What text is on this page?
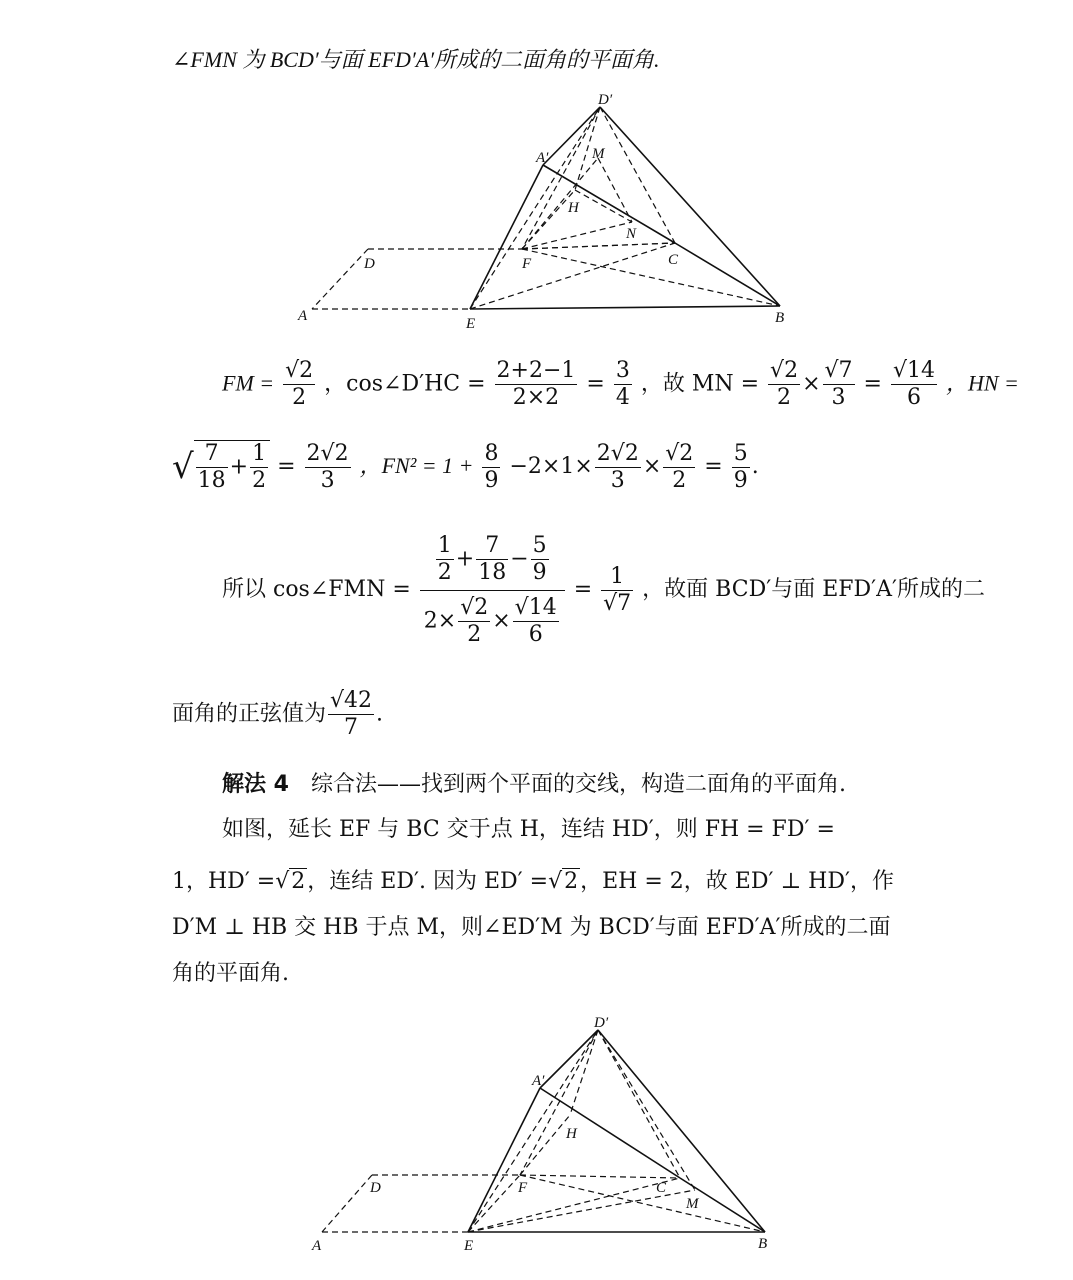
∠FMN 为 BCD′与面 EFD′A′所成的二面角的平面角.
D′
A′	M
H
N
D	F	C
A	E	B
FM = $\frac{√2}{2}$ ，cos∠D′HC = $\frac{2+2-1}{2\times 2} = \frac{3}{4}$ ，故 MN = $\frac{√2}{2} \times \frac{√7}{3} = \frac{√14}{6}$ ，HN =
√ $\frac{7}{18} + \frac{1}{2} = \frac{2√2}{3}$ ，$FN^2 = 1 + \frac{8}{9} -2\times 1\times \frac{2√2}{3} \times \frac{√2}{2} = \frac{5}{9}$ .
所以 cos∠FMN = $\frac{\frac{1}{2} + \frac{7}{18} - \frac{5}{9}}{2\times \frac{√2}{2} \times \frac{√14}{6}} = \frac{1}{√7}$ ，故面 BCD′与面 EFD′A′所成的二
面角的正弦值为 $\frac{√42}{7}$ .
解法 4　综合法——找到两个平面的交线，构造二面角的平面角.
如图，延长 EF 与 BC 交于点 H，连结 HD′，则 FH = FD′ =
1，HD′ =√2，连结 ED′. 因为 ED′ =√2，EH = 2，故 ED′ ⊥ HD′，作
D′M ⊥ HB 交 HB 于点 M，则∠ED′M 为 BCD′与面 EFD′A′所成的二面
角的平面角.
D′
A′
H
D	F	C
M
A	E	B
